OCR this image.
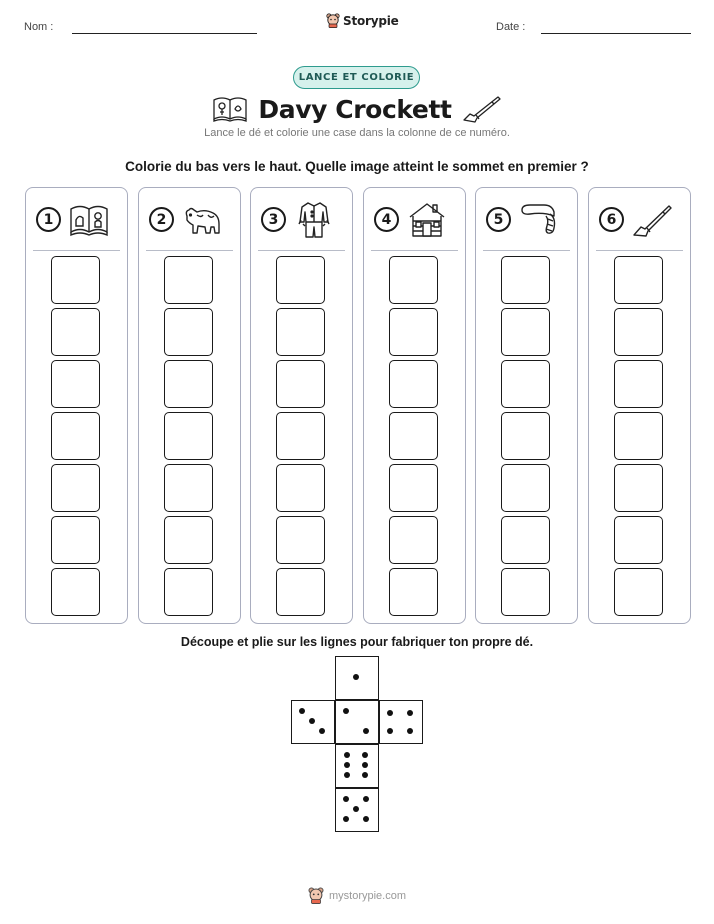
Nom :	Storypie	Date :
LANCE ET COLORIE
Davy Crockett
Lance le dé et colorie une case dans la colonne de ce numéro.
Colorie du bas vers le haut. Quelle image atteint le sommet en premier ?
1	2	3	4	5	6
Découpe et plie sur les lignes pour fabriquer ton propre dé.
mystorypie.com
